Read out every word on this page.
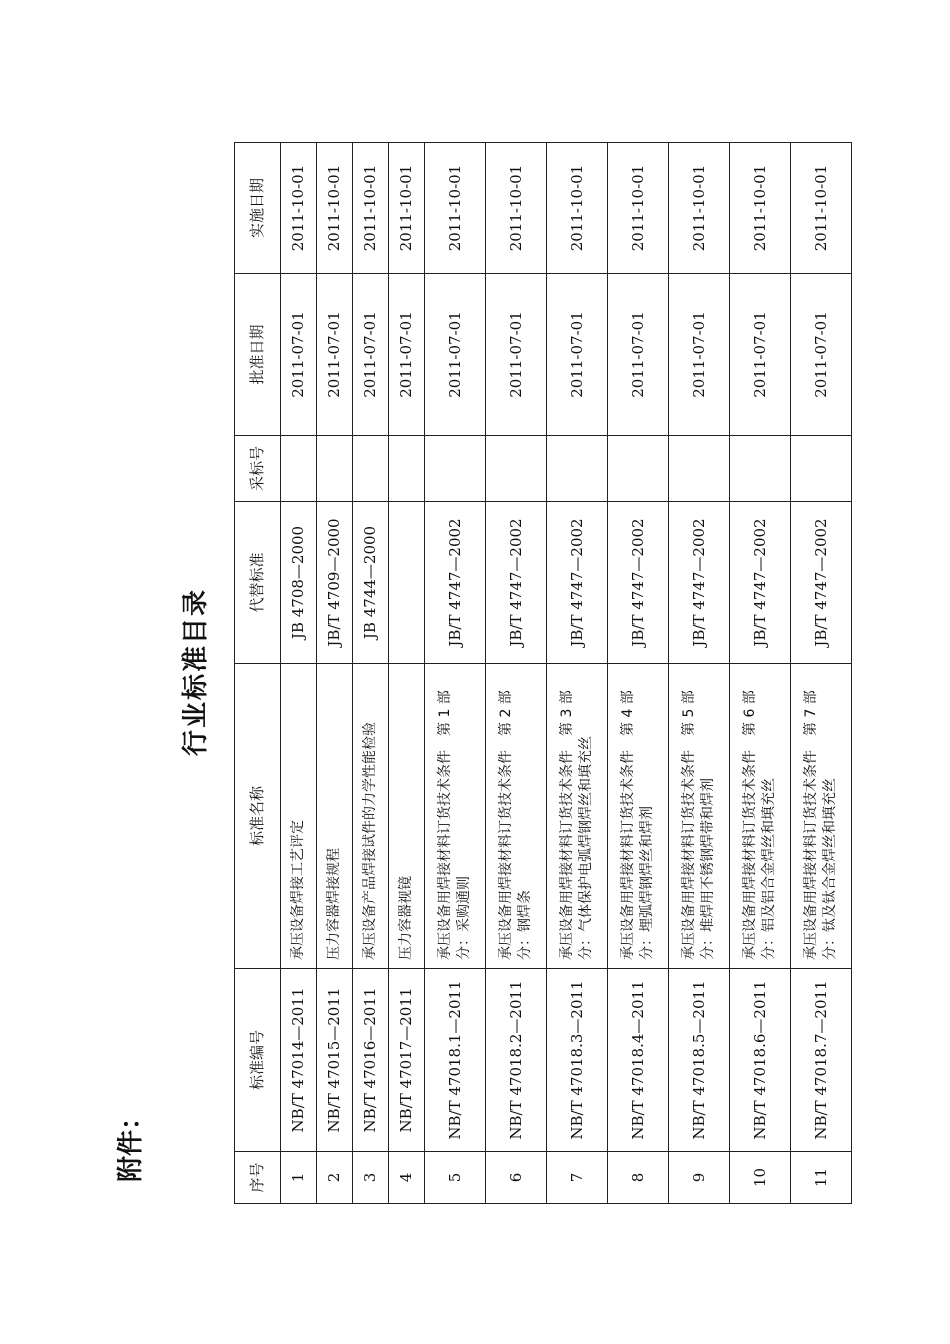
附件：
行业标准目录
序号	标准编号	标准名称	代替标准	采标号	批准日期	实施日期
1	NB/T 47014—2011	承压设备焊接工艺评定	JB 4708—2000		2011-07-01	2011-10-01
2	NB/T 47015—2011	压力容器焊接规程	JB/T 4709—2000		2011-07-01	2011-10-01
3	NB/T 47016—2011	承压设备产品焊接试件的力学性能检验	JB 4744—2000		2011-07-01	2011-10-01
4	NB/T 47017—2011	压力容器视镜			2011-07-01	2011-10-01
5	NB/T 47018.1—2011	承压设备用焊接材料订货技术条件　第 1 部分：采购通则	JB/T 4747—2002		2011-07-01	2011-10-01
6	NB/T 47018.2—2011	承压设备用焊接材料订货技术条件　第 2 部分：钢焊条	JB/T 4747—2002		2011-07-01	2011-10-01
7	NB/T 47018.3—2011	承压设备用焊接材料订货技术条件　第 3 部分：气体保护电弧焊钢焊丝和填充丝	JB/T 4747—2002		2011-07-01	2011-10-01
8	NB/T 47018.4—2011	承压设备用焊接材料订货技术条件　第 4 部分：埋弧焊钢焊丝和焊剂	JB/T 4747—2002		2011-07-01	2011-10-01
9	NB/T 47018.5—2011	承压设备用焊接材料订货技术条件　第 5 部分：堆焊用不锈钢焊带和焊剂	JB/T 4747—2002		2011-07-01	2011-10-01
10	NB/T 47018.6—2011	承压设备用焊接材料订货技术条件　第 6 部分：铝及铝合金焊丝和填充丝	JB/T 4747—2002		2011-07-01	2011-10-01
11	NB/T 47018.7—2011	承压设备用焊接材料订货技术条件　第 7 部分：钛及钛合金焊丝和填充丝	JB/T 4747—2002		2011-07-01	2011-10-01
